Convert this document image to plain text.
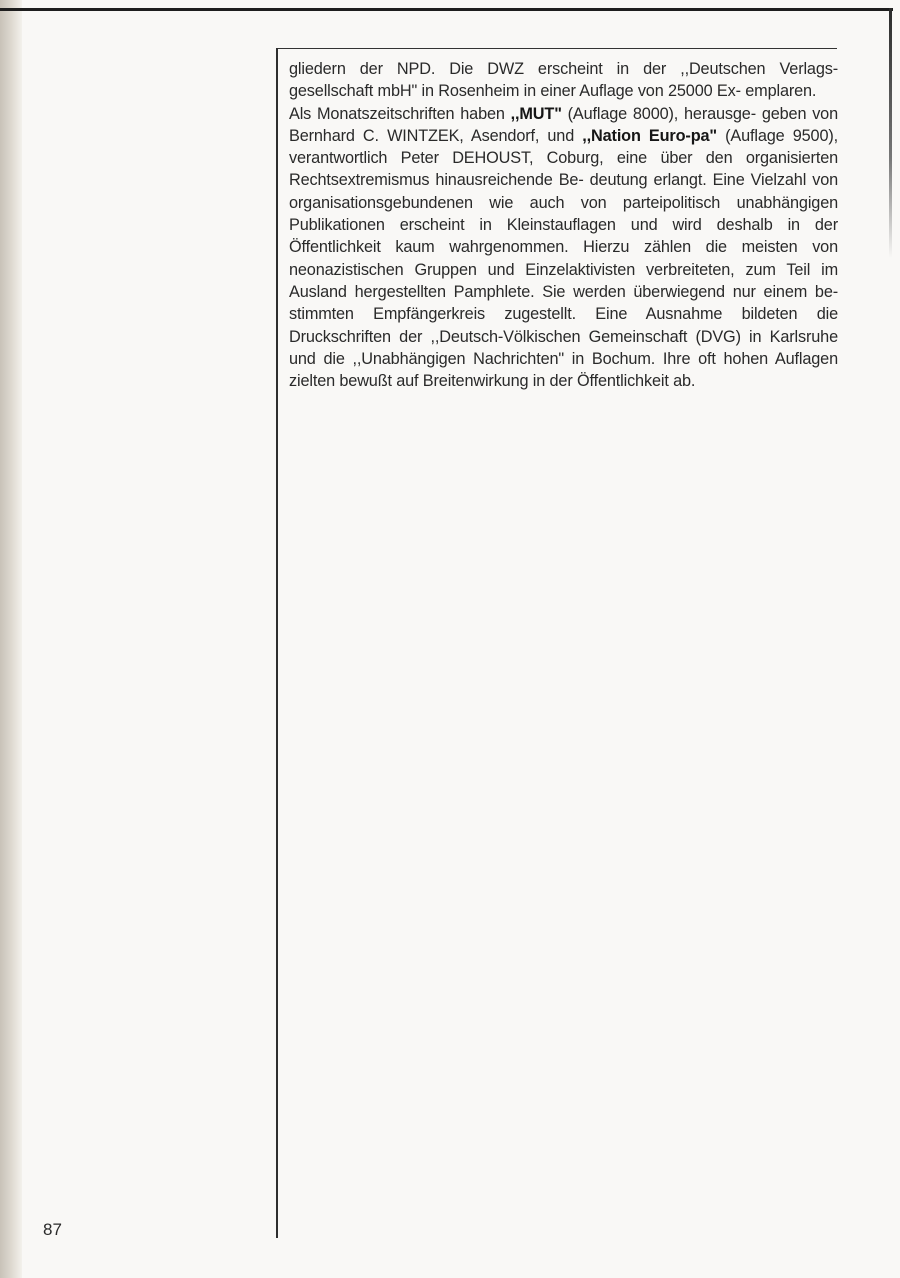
gliedern der NPD. Die DWZ erscheint in der ,,Deutschen Verlags- gesellschaft mbH" in Rosenheim in einer Auflage von 25000 Ex- emplaren.
Als Monatszeitschriften haben ,,MUT" (Auflage 8000), herausge- geben von Bernhard C. WINTZEK, Asendorf, und ,,Nation Euro-pa" (Auflage 9500), verantwortlich Peter DEHOUST, Coburg, eine über den organisierten Rechtsextremismus hinausreichende Be- deutung erlangt. Eine Vielzahl von organisationsgebundenen wie auch von parteipolitisch unabhängigen Publikationen erscheint in Kleinstauflagen und wird deshalb in der Öffentlichkeit kaum wahrgenommen. Hierzu zählen die meisten von neonazistischen Gruppen und Einzelaktivisten verbreiteten, zum Teil im Ausland hergestellten Pamphlete. Sie werden überwiegend nur einem be- stimmten Empfängerkreis zugestellt. Eine Ausnahme bildeten die Druckschriften der ,,Deutsch-Völkischen Gemeinschaft (DVG) in Karlsruhe und die ,,Unabhängigen Nachrichten" in Bochum. Ihre oft hohen Auflagen zielten bewußt auf Breitenwirkung in der Öffentlichkeit ab.

87
